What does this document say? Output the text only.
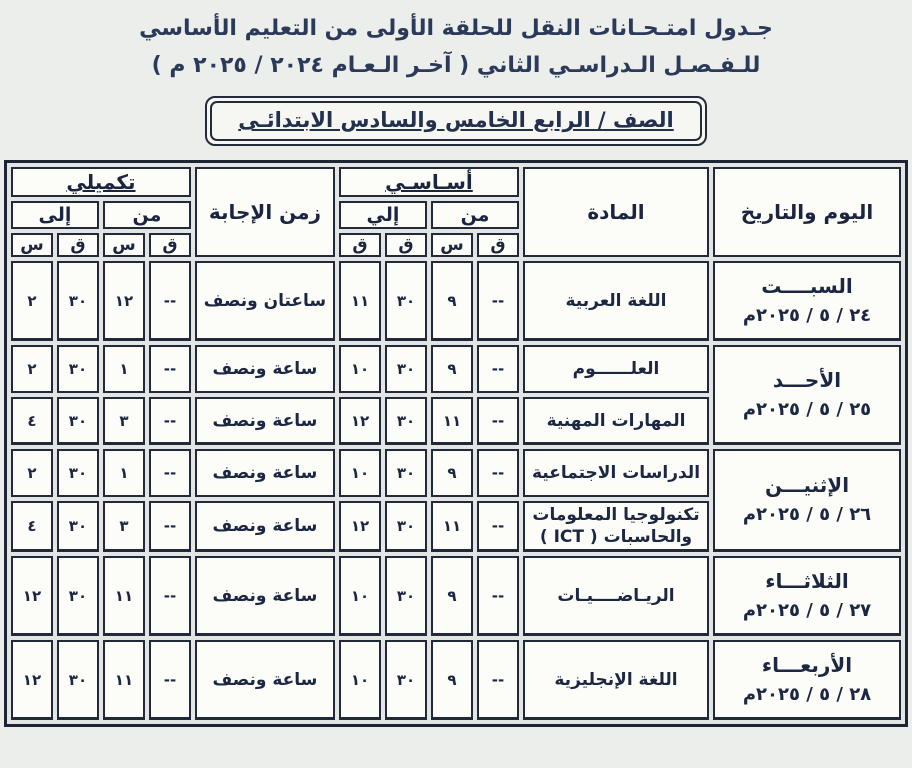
جـدول امتـحـانات النقل للحلقة الأولى من التعليم الأساسي
للـفـصـل الـدراسـي الثاني ( آخـر الـعـام ٢٠٢٤ / ٢٠٢٥ م )
الصف / الرابع الخامس والسادس الابتدائـى
اليوم والتاريخ	المادة	أسـاسـي				زمن الإجابة	تكميلي			
		من		إلي			من		إلى	
		ق	س	ق	ق		ق	س	ق	س

السبــــت
٢٤ / ٥ / ٢٠٢٥م	اللغة العربية	--	٩	٣٠	١١	ساعتان ونصف	--	١٢	٣٠	٢

الأحـــد
٢٥ / ٥ / ٢٠٢٥م	العلــــــوم	--	٩	٣٠	١٠	ساعة ونصف	--	١	٣٠	٢
	المهارات المهنية	--	١١	٣٠	١٢	ساعة ونصف	--	٣	٣٠	٤

الإثنيـــن
٢٦ / ٥ / ٢٠٢٥م	الدراسات الاجتماعية	--	٩	٣٠	١٠	ساعة ونصف	--	١	٣٠	٢
	تكنولوجيا المعلومات والحاسبات ( ICT )	--	١١	٣٠	١٢	ساعة ونصف	--	٣	٣٠	٤

الثلاثـــاء
٢٧ / ٥ / ٢٠٢٥م	الريـاضــــيـات	--	٩	٣٠	١٠	ساعة ونصف	--	١١	٣٠	١٢

الأربعـــاء
٢٨ / ٥ / ٢٠٢٥م	اللغة الإنجليزية	--	٩	٣٠	١٠	ساعة ونصف	--	١١	٣٠	١٢
